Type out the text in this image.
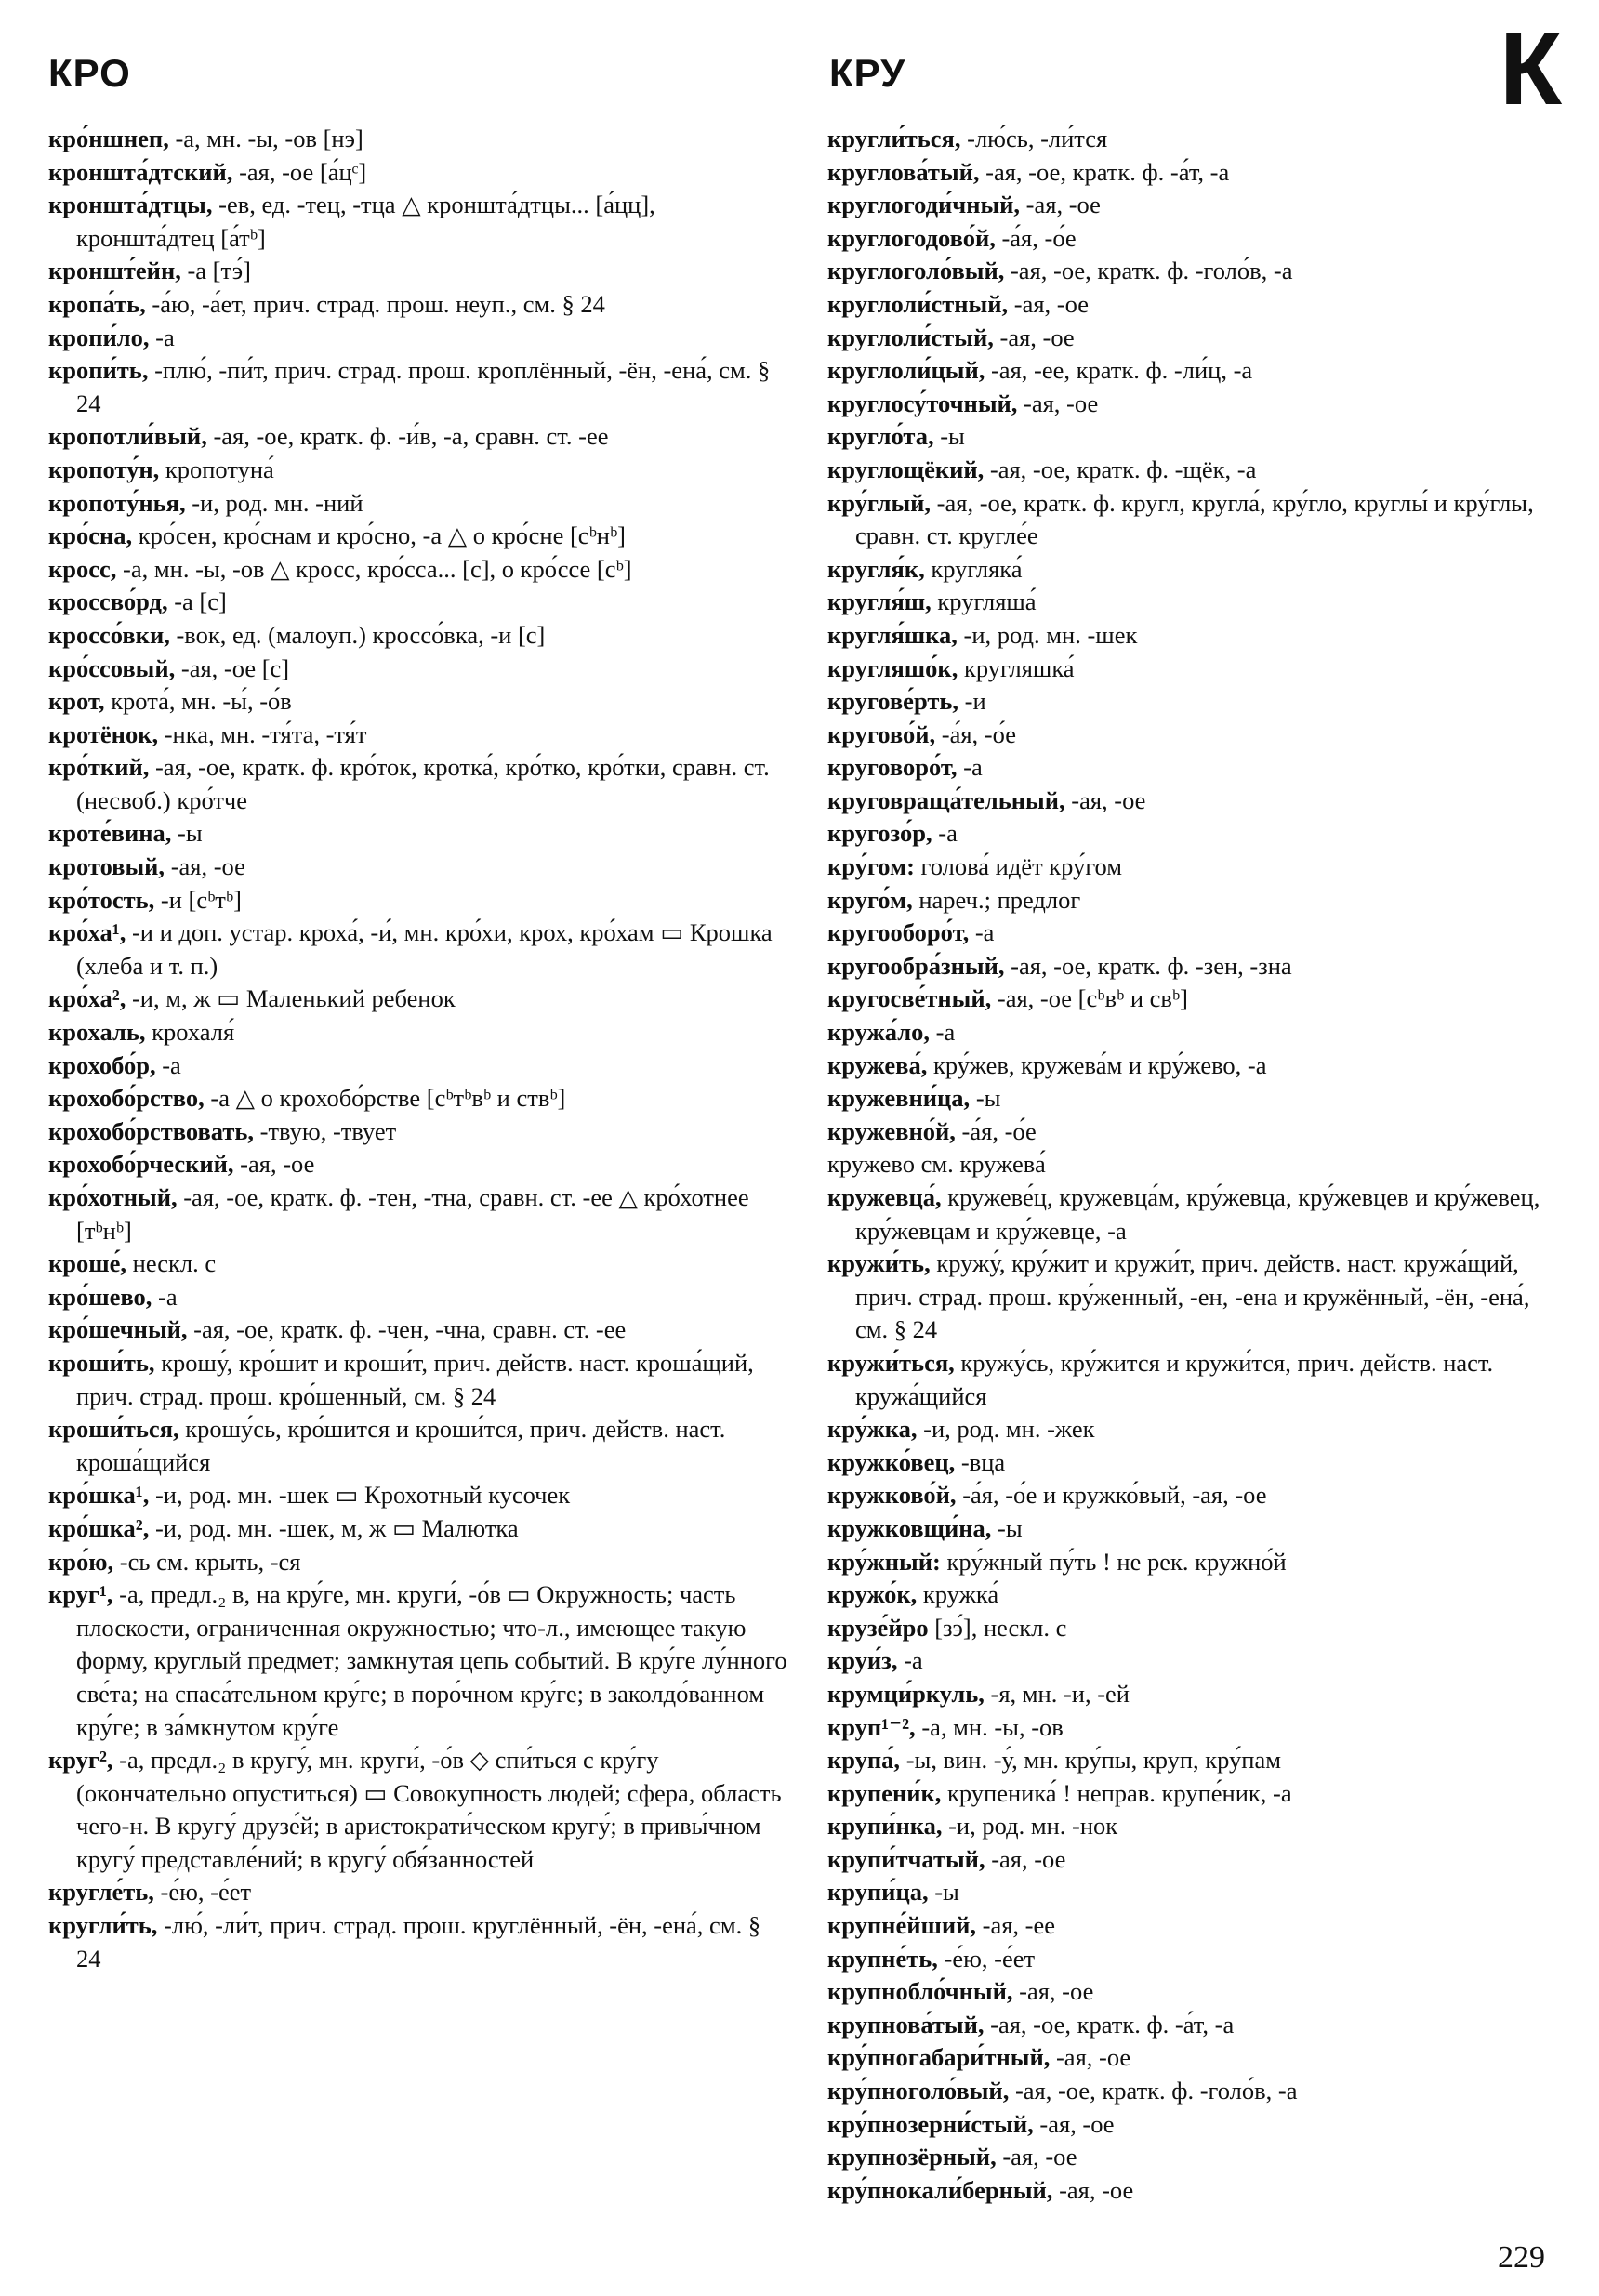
КРО	КРУ	К

кро́ншнеп, -а, мн. -ы, -ов [нэ]

кроншта́дтский, -ая, -ое [а́цᶜ]

кроншта́дтцы, -ев, ед. -тец, -тца △ кроншта́дтцы... [а́цц], кроншта́дтец [а́тᵇ]

кроншт́ейн, -а [тэ́]

кропа́ть, -а́ю, -а́ет, прич. страд. прош. неуп., см. § 24

кропи́ло, -а

кропи́ть, -плю́, -пи́т, прич. страд. прош. кроплённый, -ён, -ена́, см. § 24

кропотли́вый, -ая, -ое, кратк. ф. -и́в, -а, сравн. ст. -ее

кропоту́н, кропотуна́

кропоту́нья, -и, род. мн. -ний

кро́сна, кро́сен, кро́снам и кро́сно, -а △ о кро́сне [cᵇнᵇ]

кросс, -а, мн. -ы, -ов △ кросс, кро́сса... [с], о кро́ссе [cᵇ]

кроссво́рд, -а [с]

кроссо́вки, -вок, ед. (малоуп.) кроссо́вка, -и [с]

кро́ссовый, -ая, -ое [с]

крот, крота́, мн. -ы́, -о́в

кротёнок, -нка, мн. -тя́та, -тя́т

кро́ткий, -ая, -ое, кратк. ф. кро́ток, кротка́, кро́тко, кро́тки, сравн. ст. (несвоб.) кро́тче

кроте́вина, -ы

кротовый, -ая, -ое

кро́тость, -и [cᵇтᵇ]

кро́ха¹, -и и доп. устар. кроха́, -и́, мн. кро́хи, крох, кро́хам ▭ Крошка (хлеба и т. п.)

кро́ха², -и, м, ж ▭ Маленький ребенок

крохаль, крохаля́

крохобо́р, -а

крохобо́рство, -а △ о крохобо́рстве [cᵇтᵇвᵇ и ствᵇ]

крохобо́рствовать, -твую, -твует

крохобо́рческий, -ая, -ое

кро́хотный, -ая, -ое, кратк. ф. -тен, -тна, сравн. ст. -ее △ кро́хотнее [тᵇнᵇ]

кроше́, нескл. с

кро́шево, -а

кро́шечный, -ая, -ое, кратк. ф. -чен, -чна, сравн. ст. -ее

кроши́ть, крошу́, кро́шит и кроши́т, прич. действ. наст. кроша́щий, прич. страд. прош. кро́шенный, см. § 24

кроши́ться, крошу́сь, кро́шится и кроши́тся, прич. действ. наст. кроша́щийся

кро́шка¹, -и, род. мн. -шек ▭ Крохотный кусочек

кро́шка², -и, род. мн. -шек, м, ж ▭ Малютка

кро́ю, -сь см. крыть, -ся

круг¹, -а, предл.₂ в, на кру́ге, мн. круги́, -о́в ▭ Окружность; часть плоскости, ограниченная окружностью; что-л., имеющее такую форму, круглый предмет; замкнутая цепь событий. В кру́ге лу́нного све́та; на спаса́тельном кру́ге; в поро́чном кру́ге; в заколдо́ванном кру́ге; в за́мкнутом кру́ге

круг², -а, предл.₂ в кругу́, мн. круги́, -о́в ◇ спи́ться с кру́гу (окончательно опуститься) ▭ Совокупность людей; сфера, область чего-н. В кругу́ друзе́й; в аристократи́ческом кругу́; в привы́чном кругу́ представле́ний; в кругу́ обя́занностей

кругле́ть, -е́ю, -е́ет

кругли́ть, -лю́, -ли́т, прич. страд. прош. круглённый, -ён, -ена́, см. § 24

кругли́ться, -лю́сь, -ли́тся

круглова́тый, -ая, -ое, кратк. ф. -а́т, -а

круглогоди́чный, -ая, -ое

круглогодово́й, -а́я, -о́е

круглоголо́вый, -ая, -ое, кратк. ф. -голо́в, -а

круглоли́стный, -ая, -ое

круглоли́стый, -ая, -ое

круглоли́цый, -ая, -ее, кратк. ф. -ли́ц, -а

круглосу́точный, -ая, -ое

кругло́та, -ы

круглощёкий, -ая, -ое, кратк. ф. -щёк, -а

кру́глый, -ая, -ое, кратк. ф. кругл, кругла́, кру́гло, круглы́ и кру́глы, сравн. ст. кругле́е

кругля́к, кругляка́

кругля́ш, кругляша́

кругля́шка, -и, род. мн. -шек

кругляшо́к, кругляшка́

кругове́рть, -и

кругово́й, -а́я, -о́е

круговоро́т, -а

круговраща́тельный, -ая, -ое

кругозо́р, -а

кру́гом: голова́ идёт кру́гом

круго́м, нареч.; предлог

кругооборо́т, -а

кругообра́зный, -ая, -ое, кратк. ф. -зен, -зна

кругосве́тный, -ая, -ое [cᵇвᵇ и свᵇ]

кружа́ло, -а

кружева́, кру́жев, кружева́м и кру́жево, -а

кружевни́ца, -ы

кружевно́й, -а́я, -о́е

кружево см. кружева́

кружевца́, кружеве́ц, кружевца́м, кру́жевца, кру́жевцев и кру́жевец, кру́жевцам и кру́жевце, -а

кружи́ть, кружу́, кру́жит и кружи́т, прич. действ. наст. кружа́щий, прич. страд. прош. кру́женный, -ен, -ена и кружённый, -ён, -ена́, см. § 24

кружи́ться, кружу́сь, кру́жится и кружи́тся, прич. действ. наст. кружа́щийся

кру́жка, -и, род. мн. -жек

кружко́вец, -вца

кружково́й, -а́я, -о́е и кружко́вый, -ая, -ое

кружковщи́на, -ы

кру́жный: кру́жный пу́ть ! не рек. кружно́й

кружо́к, кружка́

крузе́йро [зэ́], нескл. с

круи́з, -а

крумци́ркуль, -я, мн. -и, -ей

круп¹⁻², -а, мн. -ы, -ов

крупа́, -ы, вин. -у́, мн. кру́пы, круп, кру́пам

крупени́к, крупеника́ ! неправ. крупе́ник, -а

крупи́нка, -и, род. мн. -нок

крупи́тчатый, -ая, -ое

крупи́ца, -ы

крупне́йший, -ая, -ее

крупне́ть, -е́ю, -е́ет

крупнобло́чный, -ая, -ое

крупнова́тый, -ая, -ое, кратк. ф. -а́т, -а

кру́пногабари́тный, -ая, -ое

кру́пноголо́вый, -ая, -ое, кратк. ф. -голо́в, -а

кру́пнозерни́стый, -ая, -ое

крупнозёрный, -ая, -ое

кру́пнокали́берный, -ая, -ое

229
